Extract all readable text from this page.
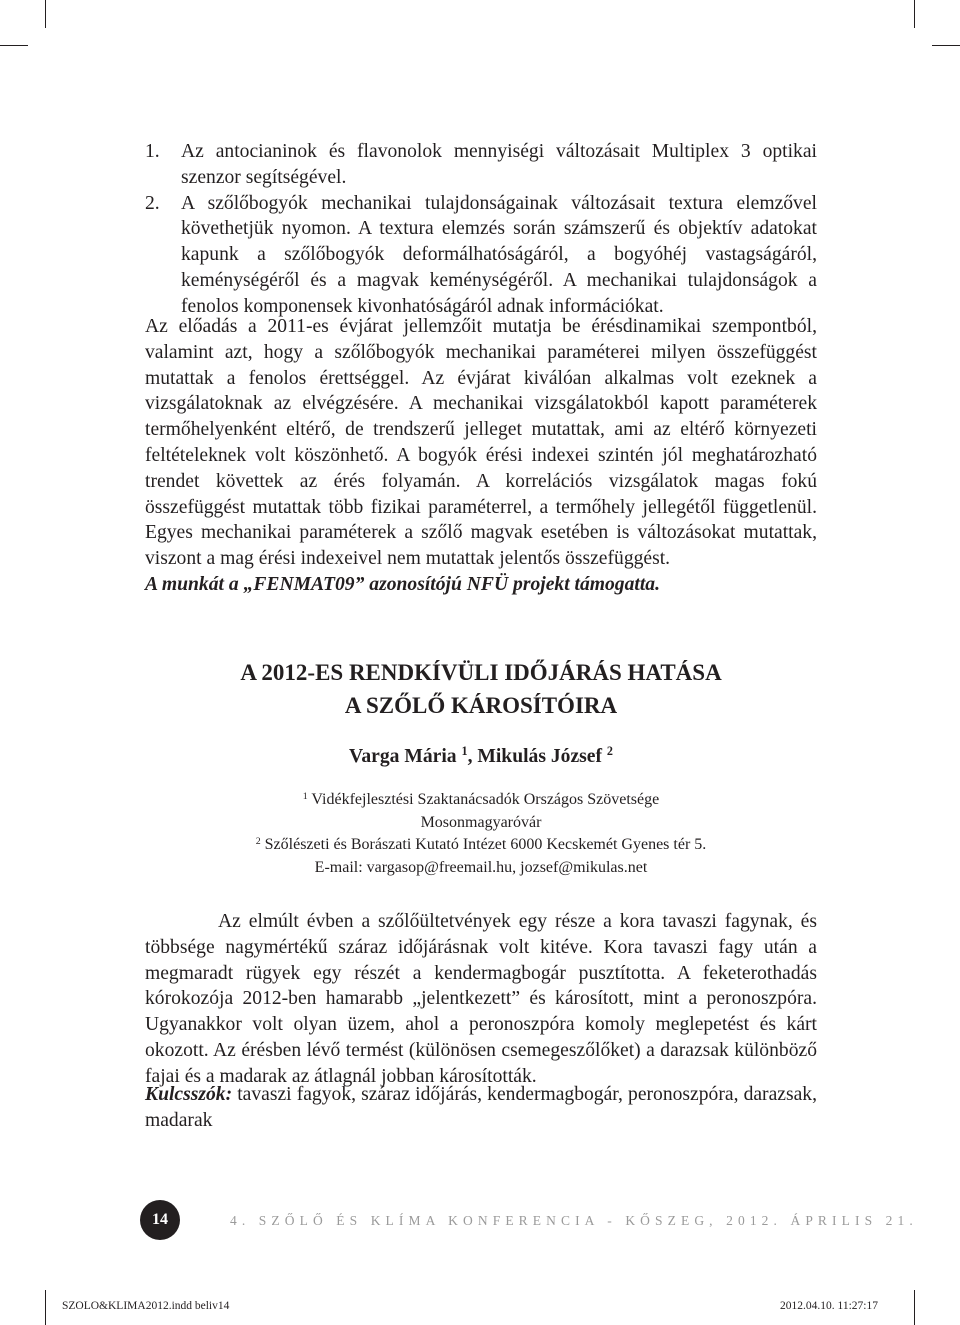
1. Az antocianinok és flavonolok mennyiségi változásait Multiplex 3 optikai szenzor segítségével.
2. A szőlőbogyók mechanikai tulajdonságainak változásait textura elemzővel követhetjük nyomon. A textura elemzés során számszerű és objektív adatokat kapunk a szőlőbogyók deformálhatóságáról, a bogyóhéj vastagságáról, keménységéről és a magvak keménységéről. A mechanikai tulajdonságok a fenolos komponensek kivonhatóságáról adnak információkat.

Az előadás a 2011-es évjárat jellemzőit mutatja be érésdinamikai szempontból, valamint azt, hogy a szőlőbogyók mechanikai paraméterei milyen összefüggést mutattak a fenolos érettséggel. Az évjárat kiválóan alkalmas volt ezeknek a vizsgálatoknak az elvégzésére. A mechanikai vizsgálatokból kapott paraméterek termőhelyenként eltérő, de trendszerű jelleget mutattak, ami az eltérő környezeti feltételeknek volt köszönhető. A bogyók érési indexei szintén jól meghatározható trendet követtek az érés folyamán. A korrelációs vizsgálatok magas fokú összefüggést mutattak több fizikai paraméterrel, a termőhely jellegétől függetlenül. Egyes mechanikai paraméterek a szőlő magvak esetében is változásokat mutattak, viszont a mag érési indexeivel nem mutattak jelentős összefüggést.

A munkát a „FENMAT09” azonosítójú NFÜ projekt támogatta.

A 2012-ES RENDKÍVÜLI IDŐJÁRÁS HATÁSA
A SZŐLŐ KÁROSÍTÓIRA

Varga Mária $^1$, Mikulás József $^2$

$^1$ Vidékfejlesztési Szaktanácsadók Országos Szövetsége
Mosonmagyaróvár
$^2$ Szőlészeti és Borászati Kutató Intézet 6000 Kecskemét Gyenes tér 5.
E-mail: vargasop@freemail.hu, jozsef@mikulas.net

Az elmúlt évben a szőlőültetvények egy része a kora tavaszi fagynak, és többsége nagymértékű száraz időjárásnak volt kitéve. Kora tavaszi fagy után a megmaradt rügyek egy részét a kendermagbogár pusztította. A feketerothadás kórokozója 2012-ben hamarabb „jelentkezett” és károsított, mint a peronoszpóra. Ugyanakkor volt olyan üzem, ahol a peronoszpóra komoly meglepetést és kárt okozott. Az érésben lévő termést (különösen csemegeszőlőket) a darazsak különböző fajai és a madarak az átlagnál jobban károsították.

Kulcsszók: tavaszi fagyok, száraz időjárás, kendermagbogár, peronoszpóra, darazsak, madarak

14	4. SZŐLŐ ÉS KLÍMA KONFERENCIA - KŐSZEG, 2012. ÁPRILIS 21.
SZOLO&KLIMA2012.indd beliv14	2012.04.10. 11:27:17
